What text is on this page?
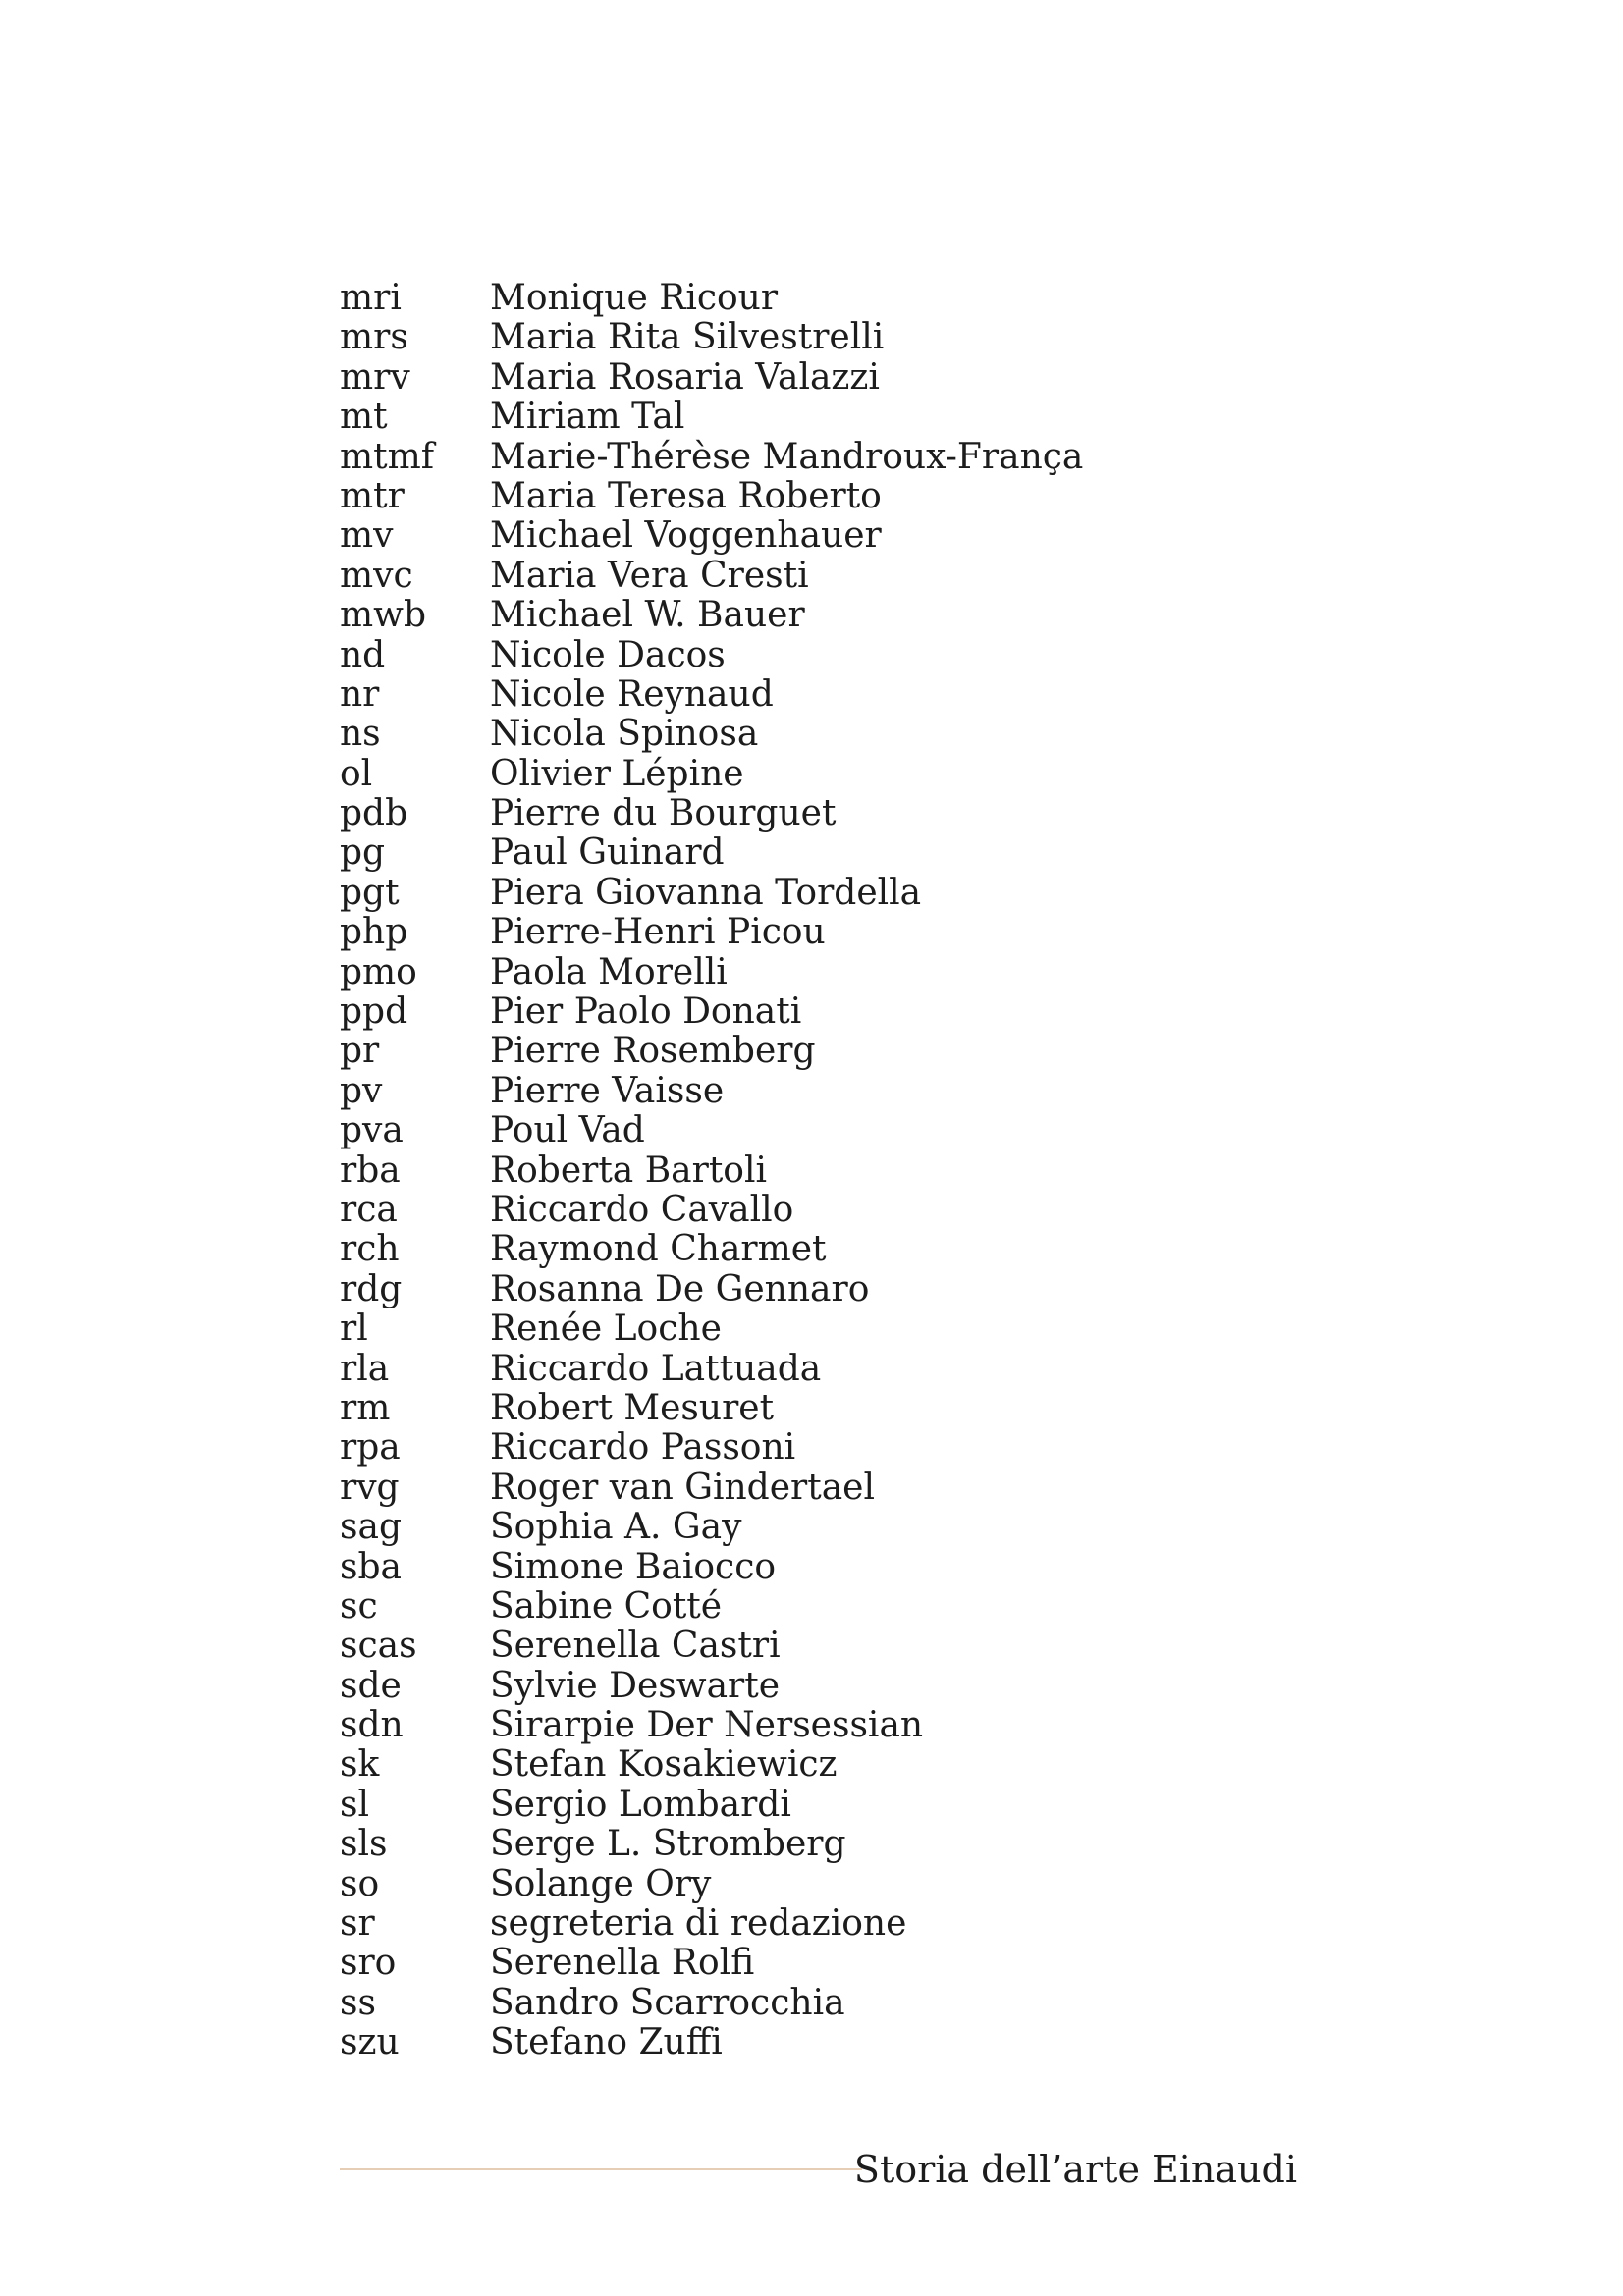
mri	Monique Ricour
mrs	Maria Rita Silvestrelli
mrv	Maria Rosaria Valazzi
mt	Miriam Tal
mtmf	Marie-Thérèse Mandroux-França
mtr	Maria Teresa Roberto
mv	Michael Voggenhauer
mvc	Maria Vera Cresti
mwb	Michael W. Bauer
nd	Nicole Dacos
nr	Nicole Reynaud
ns	Nicola Spinosa
ol	Olivier Lépine
pdb	Pierre du Bourguet
pg	Paul Guinard
pgt	Piera Giovanna Tordella
php	Pierre-Henri Picou
pmo	Paola Morelli
ppd	Pier Paolo Donati
pr	Pierre Rosemberg
pv	Pierre Vaisse
pva	Poul Vad
rba	Roberta Bartoli
rca	Riccardo Cavallo
rch	Raymond Charmet
rdg	Rosanna De Gennaro
rl	Renée Loche
rla	Riccardo Lattuada
rm	Robert Mesuret
rpa	Riccardo Passoni
rvg	Roger van Gindertael
sag	Sophia A. Gay
sba	Simone Baiocco
sc	Sabine Cotté
scas	Serenella Castri
sde	Sylvie Deswarte
sdn	Sirarpie Der Nersessian
sk	Stefan Kosakiewicz
sl	Sergio Lombardi
sls	Serge L. Stromberg
so	Solange Ory
sr	segreteria di redazione
sro	Serenella Rolfi
ss	Sandro Scarrocchia
szu	Stefano Zuffi
Storia dell’arte Einaudi
